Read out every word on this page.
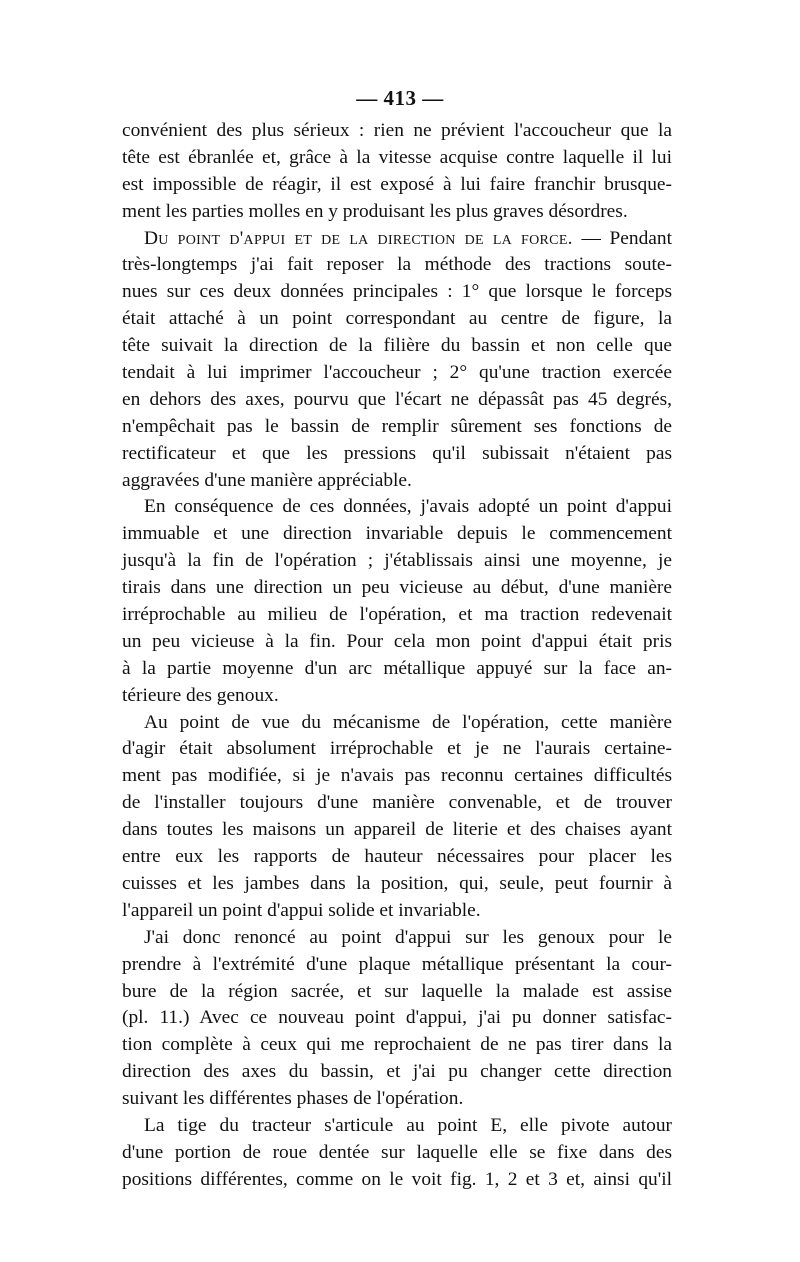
— 413 —
convénient des plus sérieux : rien ne prévient l'accoucheur que la
tête est ébranlée et, grâce à la vitesse acquise contre laquelle il lui
est impossible de réagir, il est exposé à lui faire franchir brusque-
ment les parties molles en y produisant les plus graves désordres.
Du point d'appui et de la direction de la force. — Pendant
très-longtemps j'ai fait reposer la méthode des tractions soute-
nues sur ces deux données principales : 1° que lorsque le forceps
était attaché à un point correspondant au centre de figure, la
tête suivait la direction de la filière du bassin et non celle que
tendait à lui imprimer l'accoucheur ; 2° qu'une traction exercée
en dehors des axes, pourvu que l'écart ne dépassât pas 45 degrés,
n'empêchait pas le bassin de remplir sûrement ses fonctions de
rectificateur et que les pressions qu'il subissait n'étaient pas
aggravées d'une manière appréciable.
En conséquence de ces données, j'avais adopté un point d'appui
immuable et une direction invariable depuis le commencement
jusqu'à la fin de l'opération ; j'établissais ainsi une moyenne, je
tirais dans une direction un peu vicieuse au début, d'une manière
irréprochable au milieu de l'opération, et ma traction redevenait
un peu vicieuse à la fin. Pour cela mon point d'appui était pris
à la partie moyenne d'un arc métallique appuyé sur la face an-
térieure des genoux.
Au point de vue du mécanisme de l'opération, cette manière
d'agir était absolument irréprochable et je ne l'aurais certaine-
ment pas modifiée, si je n'avais pas reconnu certaines difficultés
de l'installer toujours d'une manière convenable, et de trouver
dans toutes les maisons un appareil de literie et des chaises ayant
entre eux les rapports de hauteur nécessaires pour placer les
cuisses et les jambes dans la position, qui, seule, peut fournir à
l'appareil un point d'appui solide et invariable.
J'ai donc renoncé au point d'appui sur les genoux pour le
prendre à l'extrémité d'une plaque métallique présentant la cour-
bure de la région sacrée, et sur laquelle la malade est assise
(pl. 11.) Avec ce nouveau point d'appui, j'ai pu donner satisfac-
tion complète à ceux qui me reprochaient de ne pas tirer dans la
direction des axes du bassin, et j'ai pu changer cette direction
suivant les différentes phases de l'opération.
La tige du tracteur s'articule au point E, elle pivote autour
d'une portion de roue dentée sur laquelle elle se fixe dans des
positions différentes, comme on le voit fig. 1, 2 et 3 et, ainsi qu'il
